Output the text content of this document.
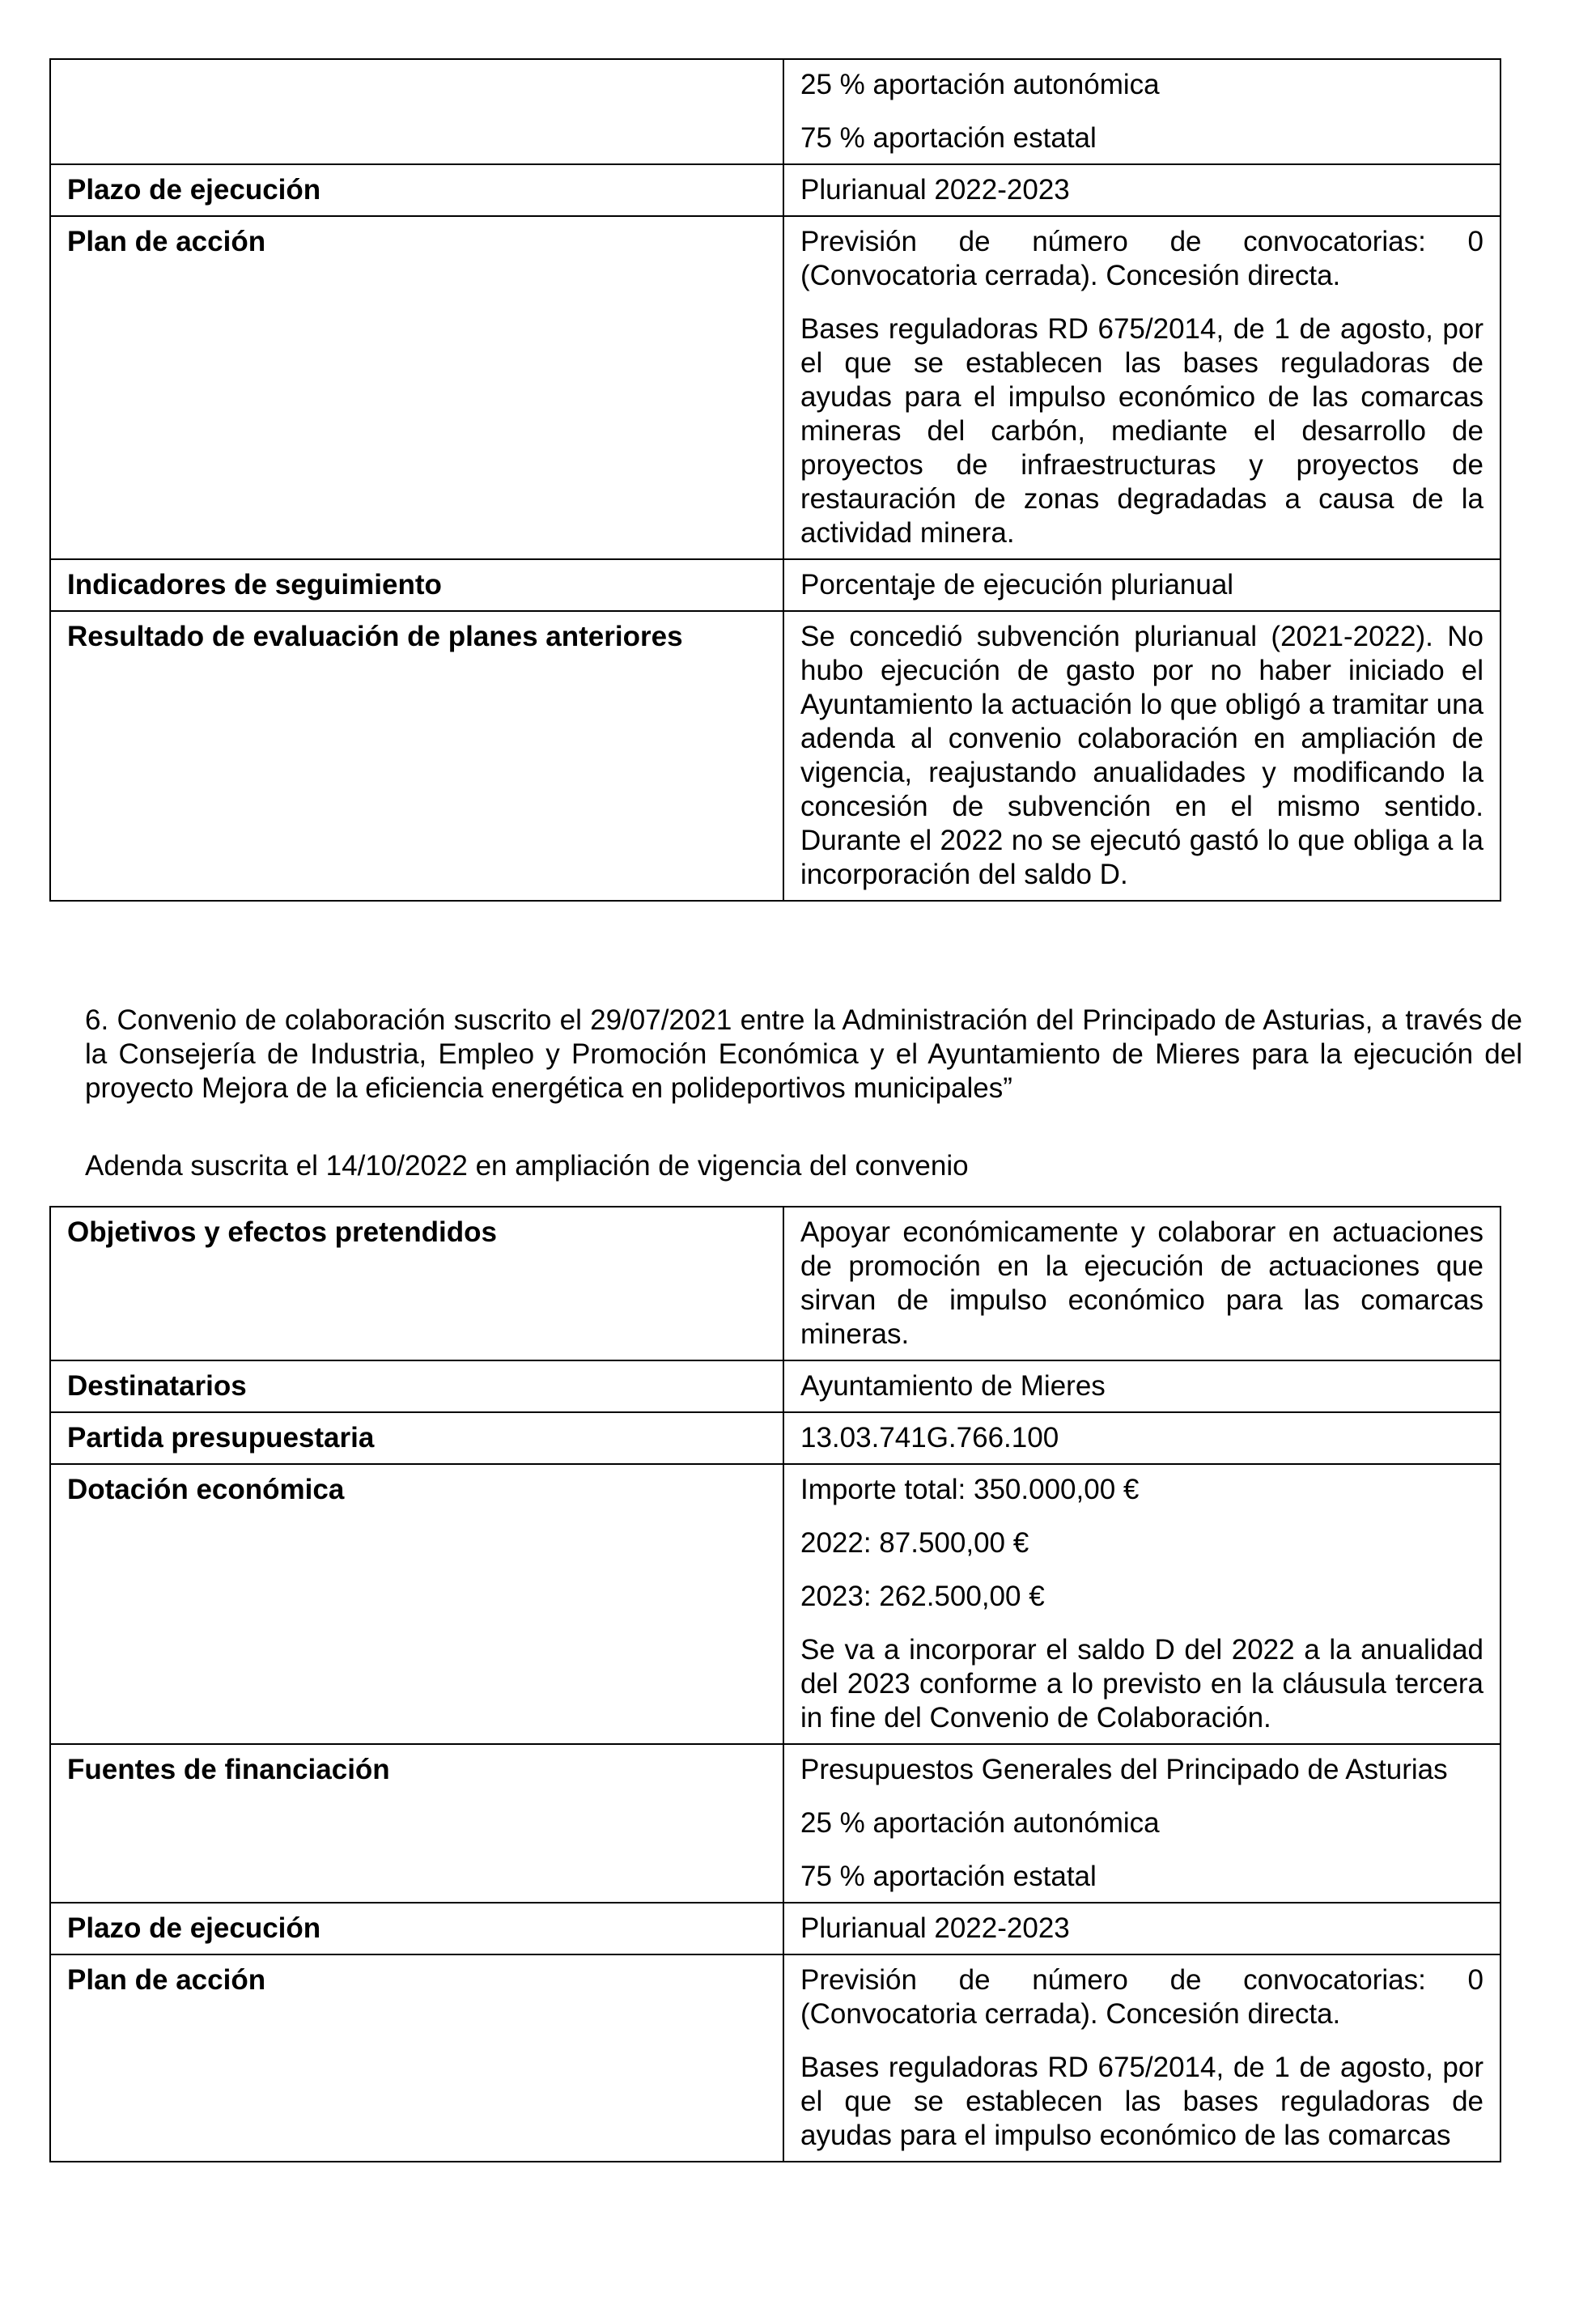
	25 % aportación autonómica

75 % aportación estatal

Plazo de ejecución	Plurianual 2022-2023

Plan de acción	Previsión de número de convocatorias: 0 (Convocatoria cerrada). Concesión directa.

Bases reguladoras RD 675/2014, de 1 de agosto, por el que se establecen las bases reguladoras de ayudas para el impulso económico de las comarcas mineras del carbón, mediante el desarrollo de proyectos de infraestructuras y proyectos de restauración de zonas degradadas a causa de la actividad minera.

Indicadores de seguimiento	Porcentaje de ejecución plurianual

Resultado de evaluación de planes anteriores	Se concedió subvención plurianual (2021-2022). No hubo ejecución de gasto por no haber iniciado el Ayuntamiento la actuación lo que obligó a tramitar una adenda al convenio colaboración en ampliación de vigencia, reajustando anualidades y modificando la concesión de subvención en el mismo sentido. Durante el 2022 no se ejecutó gastó lo que obliga a la incorporación del saldo D.

6. Convenio de colaboración suscrito el 29/07/2021 entre la Administración del Principado de Asturias, a través de la Consejería de Industria, Empleo y Promoción Económica y el Ayuntamiento de Mieres para la ejecución del proyecto Mejora de la eficiencia energética en polideportivos municipales”

Adenda suscrita el 14/10/2022 en ampliación de vigencia del convenio

Objetivos y efectos pretendidos	Apoyar económicamente y colaborar en actuaciones de promoción en la ejecución de actuaciones que sirvan de impulso económico para las comarcas mineras.

Destinatarios	Ayuntamiento de Mieres

Partida presupuestaria	13.03.741G.766.100

Dotación económica	Importe total: 350.000,00 €

2022: 87.500,00 €

2023: 262.500,00 €

Se va a incorporar el saldo D del 2022 a la anualidad del 2023 conforme a lo previsto en la cláusula tercera in fine del Convenio de Colaboración.

Fuentes de financiación	Presupuestos Generales del Principado de Asturias

25 % aportación autonómica

75 % aportación estatal

Plazo de ejecución	Plurianual 2022-2023

Plan de acción	Previsión de número de convocatorias: 0 (Convocatoria cerrada). Concesión directa.

Bases reguladoras RD 675/2014, de 1 de agosto, por el que se establecen las bases reguladoras de ayudas para el impulso económico de las comarcas
